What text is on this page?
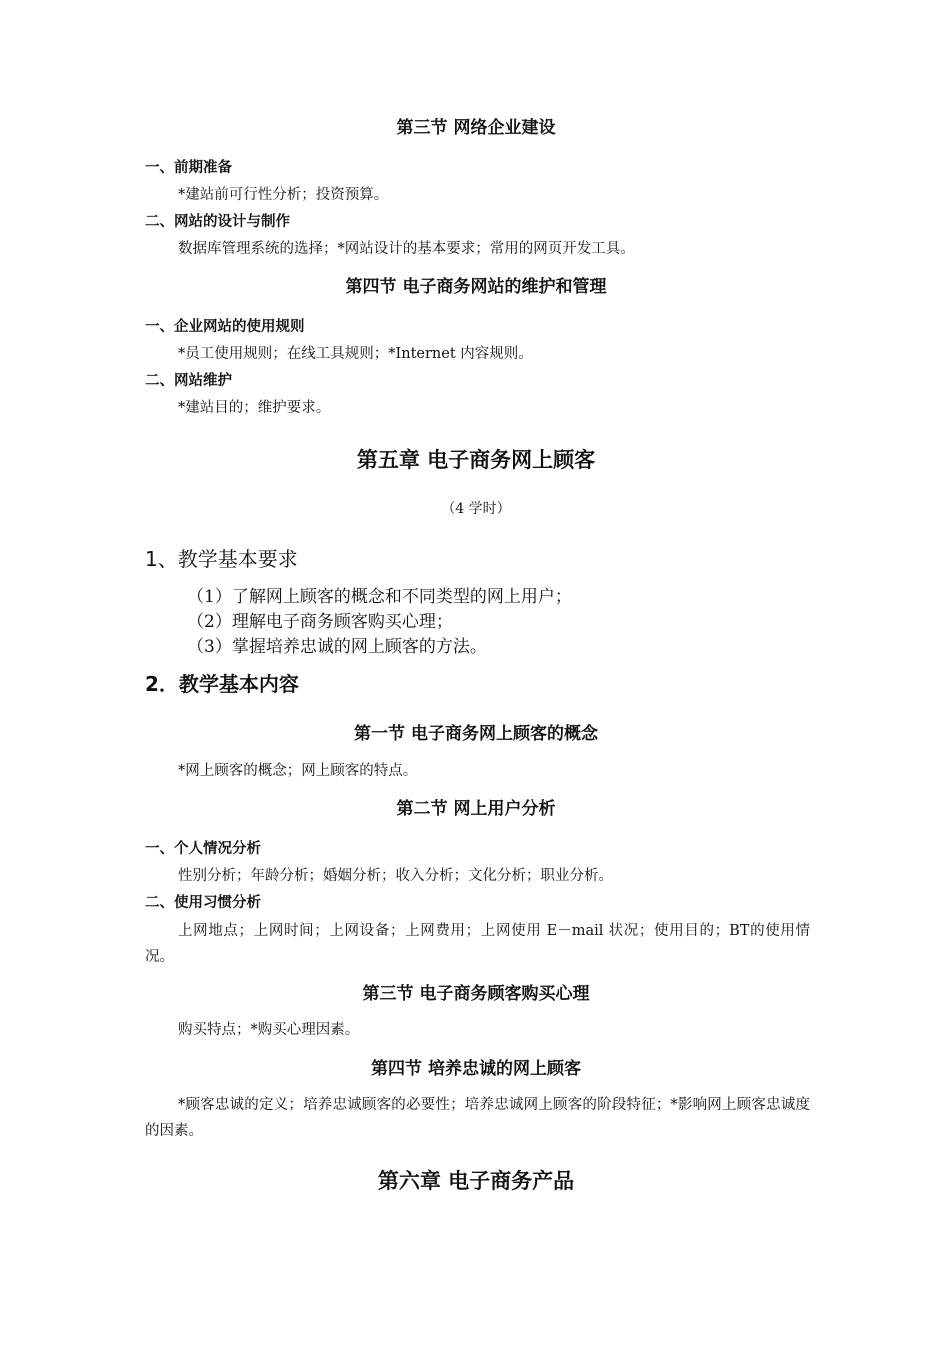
第三节 网络企业建设
一、前期准备
*建站前可行性分析；投资预算。
二、网站的设计与制作
数据库管理系统的选择；*网站设计的基本要求；常用的网页开发工具。
第四节 电子商务网站的维护和管理
一、企业网站的使用规则
*员工使用规则；在线工具规则；*Internet 内容规则。
二、网站维护
*建站目的；维护要求。
第五章 电子商务网上顾客
（4 学时）
1、教学基本要求
（1）了解网上顾客的概念和不同类型的网上用户；
（2）理解电子商务顾客购买心理；
（3）掌握培养忠诚的网上顾客的方法。
2．教学基本内容
第一节 电子商务网上顾客的概念
*网上顾客的概念；网上顾客的特点。
第二节 网上用户分析
一、个人情况分析
性别分析；年龄分析；婚姻分析；收入分析；文化分析；职业分析。
二、使用习惯分析
上网地点；上网时间；上网设备；上网费用；上网使用 E－mail 状况；使用目的；BT的使用情况。
第三节 电子商务顾客购买心理
购买特点；*购买心理因素。
第四节 培养忠诚的网上顾客
*顾客忠诚的定义；培养忠诚顾客的必要性；培养忠诚网上顾客的阶段特征；*影响网上顾客忠诚度的因素。
第六章 电子商务产品
